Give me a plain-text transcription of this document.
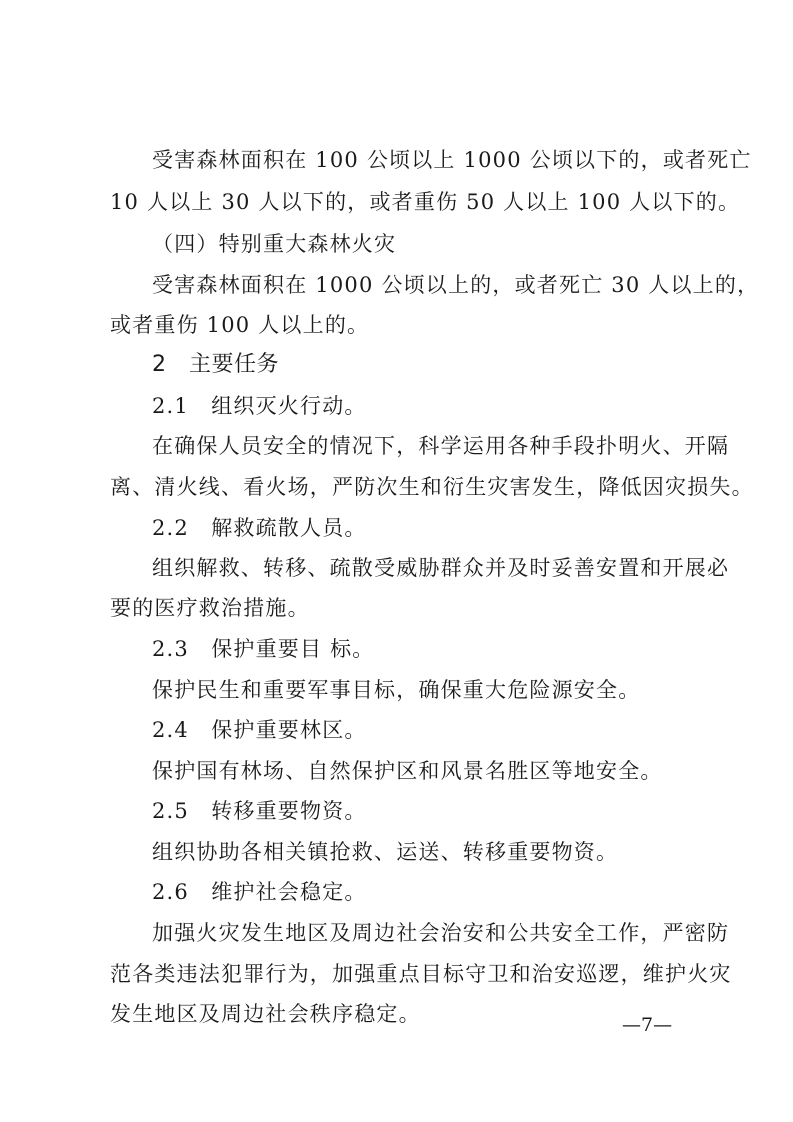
受害森林面积在 100 公顷以上 1000 公顷以下的，或者死亡
10 人以上 30 人以下的，或者重伤 50 人以上 100 人以下的。
（四）特别重大森林火灾
受害森林面积在 1000 公顷以上的，或者死亡 30 人以上的，
或者重伤 100 人以上的。
2　主要任务
2.1　组织灭火行动。
在确保人员安全的情况下，科学运用各种手段扑明火、开隔
离、清火线、看火场，严防次生和衍生灾害发生，降低因灾损失。
2.2　解救疏散人员。
组织解救、转移、疏散受威胁群众并及时妥善安置和开展必
要的医疗救治措施。
2.3　保护重要目 标。
保护民生和重要军事目标，确保重大危险源安全。
2.4　保护重要林区。
保护国有林场、自然保护区和风景名胜区等地安全。
2.5　转移重要物资。
组织协助各相关镇抢救、运送、转移重要物资。
2.6　维护社会稳定。
加强火灾发生地区及周边社会治安和公共安全工作，严密防
范各类违法犯罪行为，加强重点目标守卫和治安巡逻，维护火灾
发生地区及周边社会秩序稳定。	—7—
